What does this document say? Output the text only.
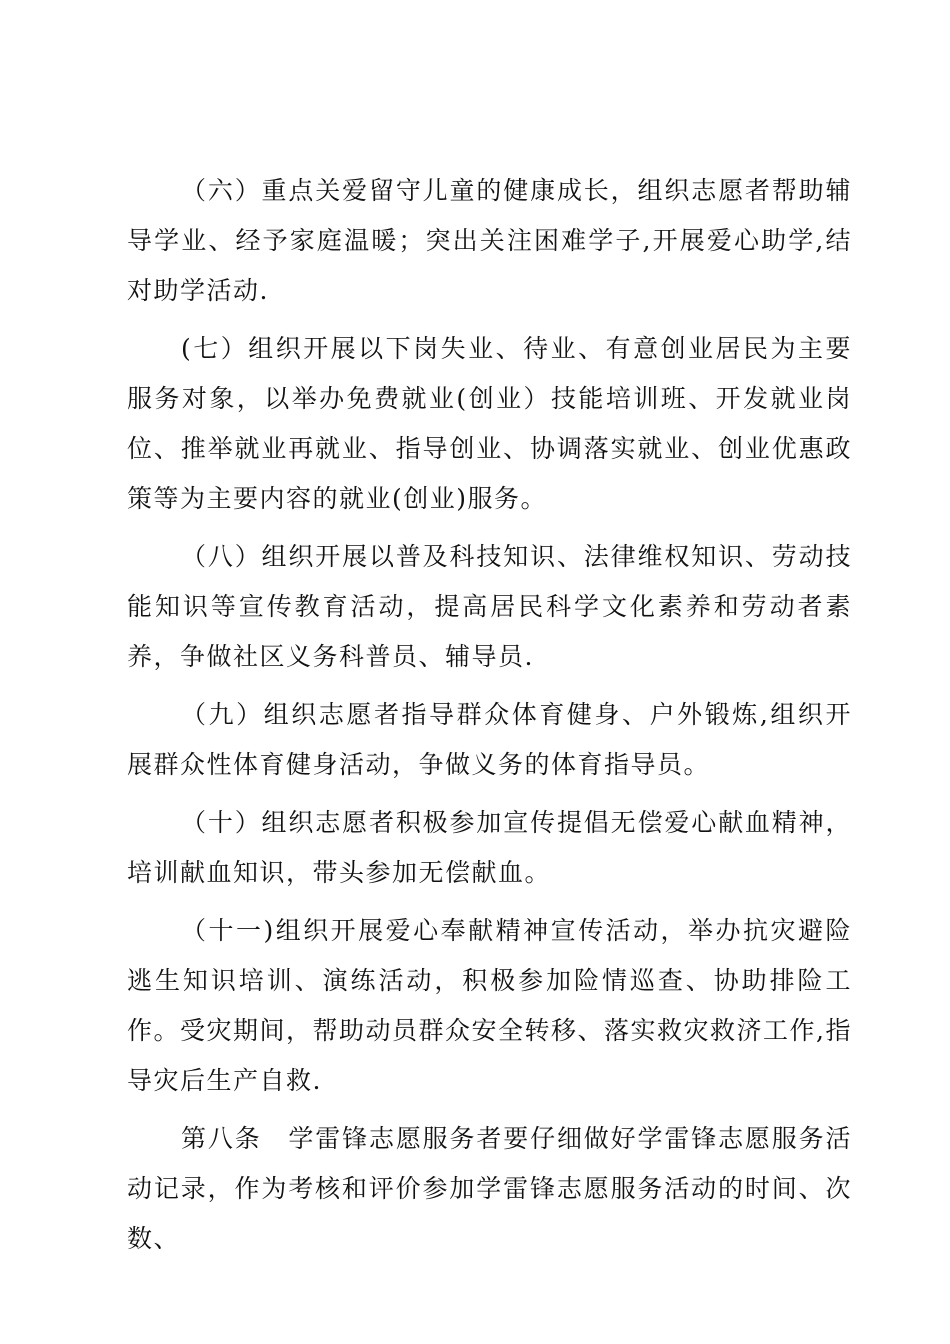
（六）重点关爱留守儿童的健康成长，组织志愿者帮助辅导学业、经予家庭温暖；突出关注困难学子,开展爱心助学,结对助学活动.

(七）组织开展以下岗失业、待业、有意创业居民为主要服务对象，以举办免费就业(创业）技能培训班、开发就业岗位、推举就业再就业、指导创业、协调落实就业、创业优惠政策等为主要内容的就业(创业)服务。

（八）组织开展以普及科技知识、法律维权知识、劳动技能知识等宣传教育活动，提高居民科学文化素养和劳动者素养，争做社区义务科普员、辅导员.

（九）组织志愿者指导群众体育健身、户外锻炼,组织开展群众性体育健身活动，争做义务的体育指导员。

（十）组织志愿者积极参加宣传提倡无偿爱心献血精神，培训献血知识，带头参加无偿献血。

（十一)组织开展爱心奉献精神宣传活动，举办抗灾避险逃生知识培训、演练活动，积极参加险情巡查、协助排险工作。受灾期间，帮助动员群众安全转移、落实救灾救济工作,指导灾后生产自救.

第八条　学雷锋志愿服务者要仔细做好学雷锋志愿服务活动记录，作为考核和评价参加学雷锋志愿服务活动的时间、次数、
